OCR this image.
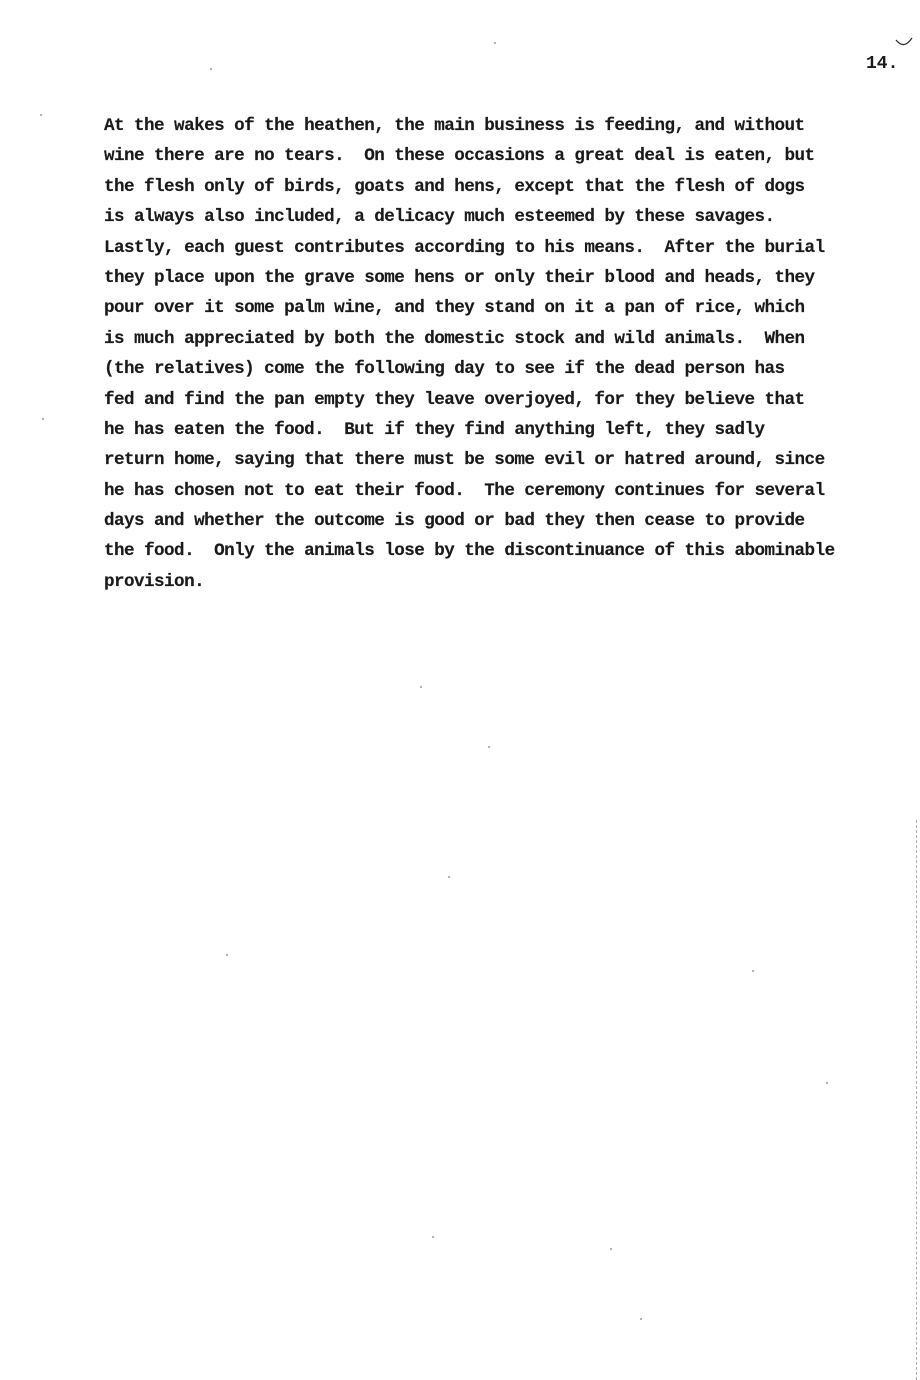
14.
At the wakes of the heathen, the main business is feeding, and without
wine there are no tears.  On these occasions a great deal is eaten, but
the flesh only of birds, goats and hens, except that the flesh of dogs
is always also included, a delicacy much esteemed by these savages.
Lastly, each guest contributes according to his means.  After the burial
they place upon the grave some hens or only their blood and heads, they
pour over it some palm wine, and they stand on it a pan of rice, which
is much appreciated by both the domestic stock and wild animals.  When
(the relatives) come the following day to see if the dead person has
fed and find the pan empty they leave overjoyed, for they believe that
he has eaten the food.  But if they find anything left, they sadly
return home, saying that there must be some evil or hatred around, since
he has chosen not to eat their food.  The ceremony continues for several
days and whether the outcome is good or bad they then cease to provide
the food.  Only the animals lose by the discontinuance of this abominable
provision.
